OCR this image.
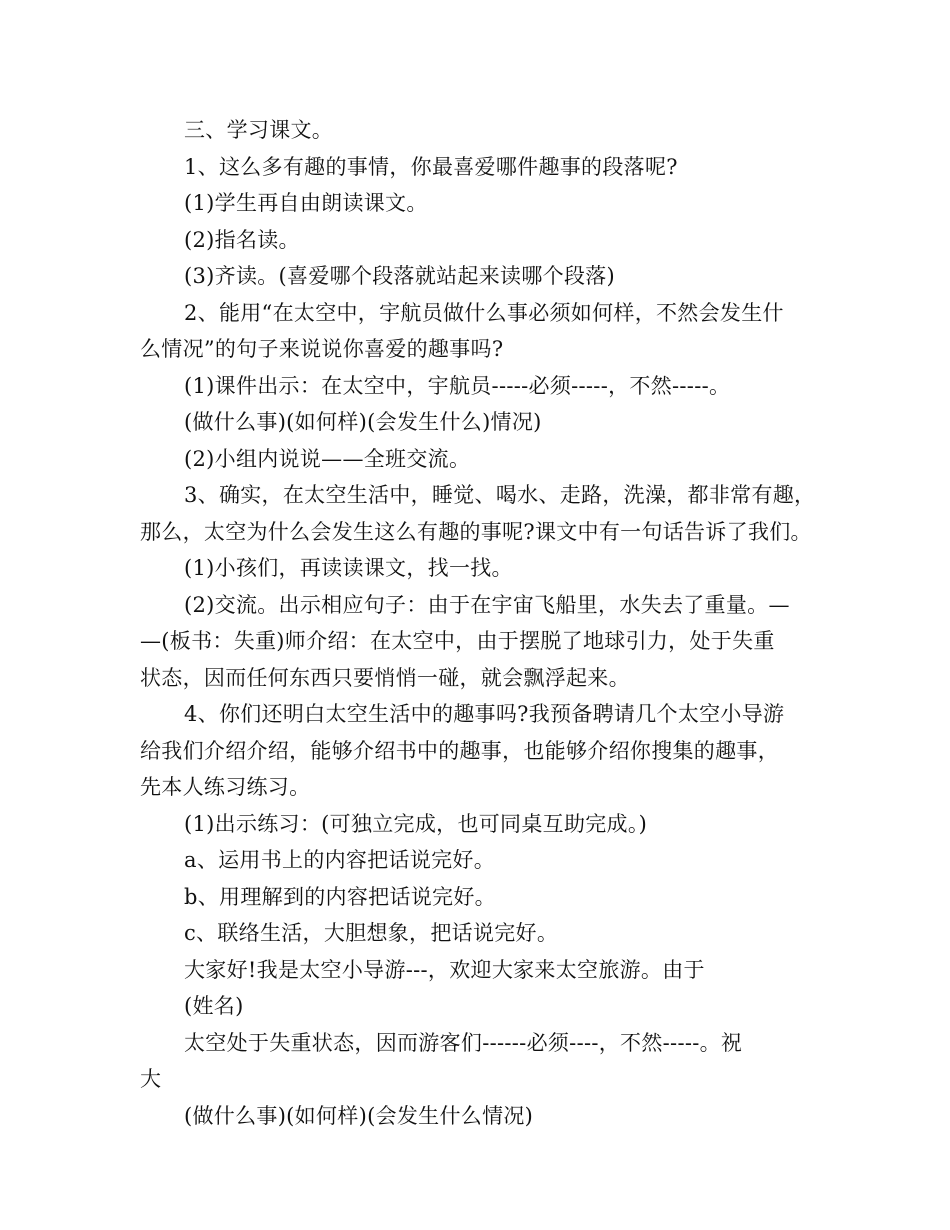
三、学习课文。
1、这么多有趣的事情，你最喜爱哪件趣事的段落呢?
(1)学生再自由朗读课文。
(2)指名读。
(3)齐读。(喜爱哪个段落就站起来读哪个段落)
2、能用“在太空中，宇航员做什么事必须如何样，不然会发生什
么情况”的句子来说说你喜爱的趣事吗?
(1)课件出示：在太空中，宇航员-----必须-----，不然-----。
(做什么事)(如何样)(会发生什么)情况)
(2)小组内说说——全班交流。
3、确实，在太空生活中，睡觉、喝水、走路，洗澡，都非常有趣，
那么，太空为什么会发生这么有趣的事呢?课文中有一句话告诉了我们。
(1)小孩们，再读读课文，找一找。
(2)交流。出示相应句子：由于在宇宙飞船里，水失去了重量。—
—(板书：失重)师介绍：在太空中，由于摆脱了地球引力，处于失重
状态，因而任何东西只要悄悄一碰，就会飘浮起来。
4、你们还明白太空生活中的趣事吗?我预备聘请几个太空小导游
给我们介绍介绍，能够介绍书中的趣事，也能够介绍你搜集的趣事，
先本人练习练习。
(1)出示练习：(可独立完成，也可同桌互助完成。)
a、运用书上的内容把话说完好。
b、用理解到的内容把话说完好。
c、联络生活，大胆想象，把话说完好。
大家好!我是太空小导游---，欢迎大家来太空旅游。由于
(姓名)
太空处于失重状态，因而游客们------必须----，不然-----。祝
大
(做什么事)(如何样)(会发生什么情况)
